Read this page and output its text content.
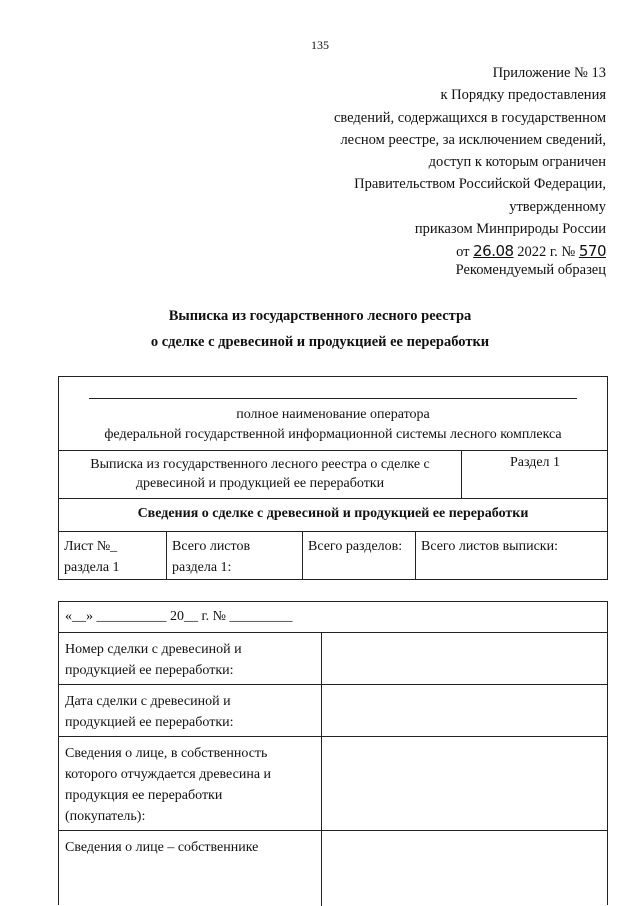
135
Приложение № 13
к Порядку предоставления
сведений, содержащихся в государственном
лесном реестре, за исключением сведений,
доступ к которым ограничен
Правительством Российской Федерации,
утвержденному
приказом Минприроды России
от 26.08 2022 г. № 570
Рекомендуемый образец
Выписка из государственного лесного реестра
о сделке с древесиной и продукцией ее переработки
полное наименование оператора
федеральной государственной информационной системы лесного комплекса
Выписка из государственного лесного реестра о сделке с
древесиной и продукцией ее переработки
Раздел 1
Сведения о сделке с древесиной и продукцией ее переработки
Лист №_
раздела 1
Всего листов
раздела 1:
Всего разделов:	Всего листов выписки:
«__» __________ 20__ г. № _________
Номер сделки с древесиной и
продукцией ее переработки:
Дата сделки с древесиной и
продукцией ее переработки:
Сведения о лице, в собственность
которого отчуждается древесина и
продукция ее переработки
(покупатель):
Сведения о лице – собственнике
